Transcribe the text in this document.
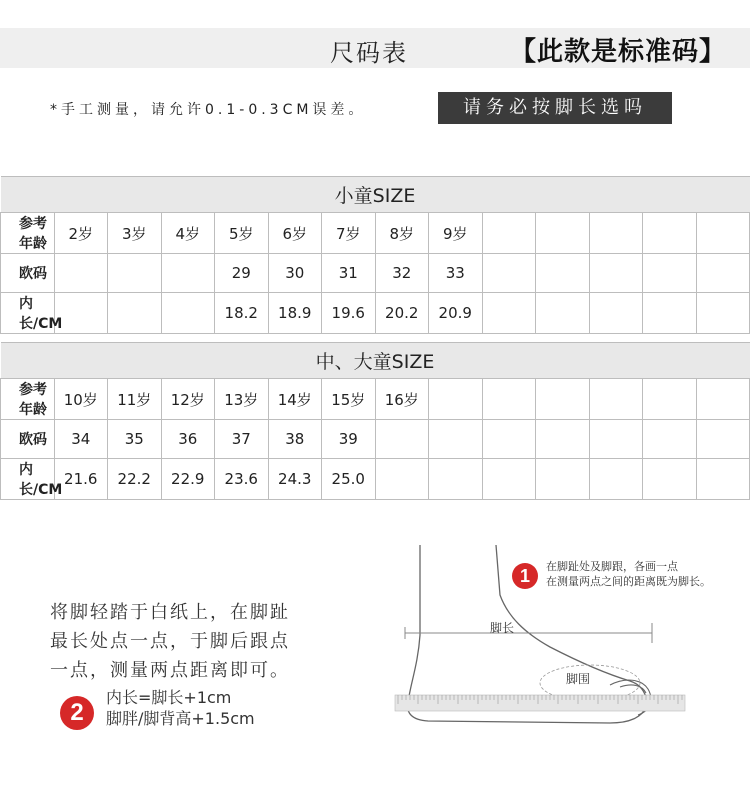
尺码表	【此款是标准码】
*手工测量，请允许0.1-0.3CM误差。	请务必按脚长选吗
小童SIZE													
参考年龄	2岁	3岁	4岁	5岁	6岁	7岁	8岁	9岁					
欧码				29	30	31	32	33					
内长/CM				18.2	18.9	19.6	20.2	20.9					
中、大童SIZE													
参考年龄	10岁	11岁	12岁	13岁	14岁	15岁	16岁						
欧码	34	35	36	37	38	39							
内长/CM	21.6	22.2	22.9	23.6	24.3	25.0							
将脚轻踏于白纸上，在脚趾
最长处点一点，于脚后跟点
一点，测量两点距离即可。
2
内长=脚长+1cm
脚胖/脚背高+1.5cm
脚长
脚围
1	在脚趾处及脚跟，各画一点
在测量两点之间的距离既为脚长。
